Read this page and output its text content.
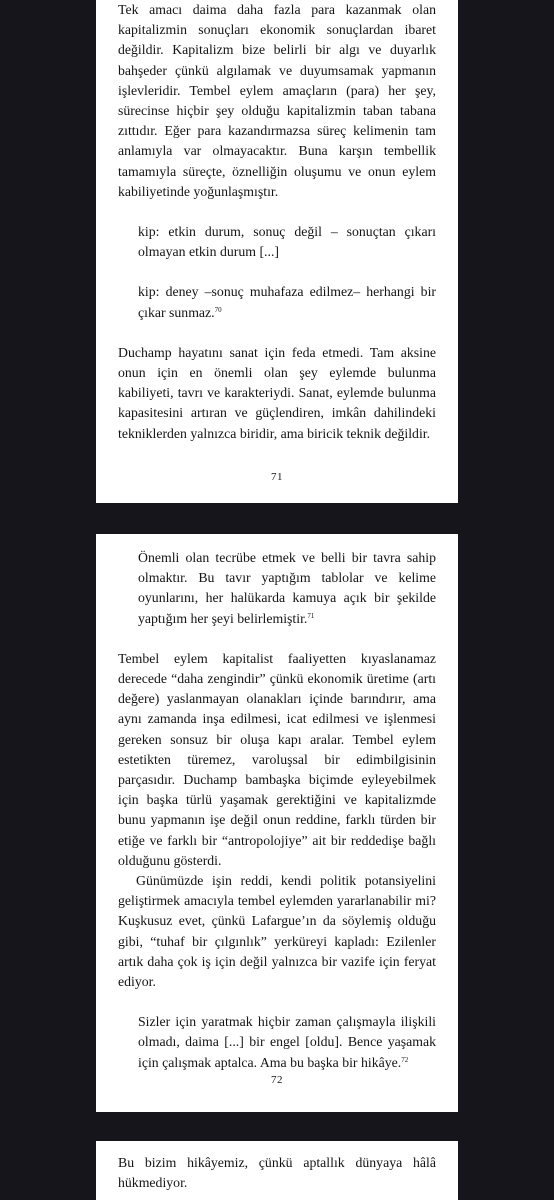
Tek amacı daima daha fazla para kazanmak olan kapitalizmin sonuçları ekonomik sonuçlardan ibaret değildir. Kapitalizm bize belirli bir algı ve duyarlık bahşeder çünkü algılamak ve duyumsamak yapmanın işlevleridir. Tembel eylem amaçların (para) her şey, sürecinse hiçbir şey olduğu kapitalizmin taban tabana zıttıdır. Eğer para kazandırmazsa süreç kelimenin tam anlamıyla var olmayacaktır. Buna karşın tembellik tamamıyla süreçte, öznelliğin oluşumu ve onun eylem kabiliyetinde yoğunlaşmıştır.

kip: etkin durum, sonuç değil – sonuçtan çıkarı olmayan etkin durum [...]

kip: deney –sonuç muhafaza edilmez– herhangi bir çıkar sunmaz.$^{70}$

Duchamp hayatını sanat için feda etmedi. Tam aksine onun için en önemli olan şey eylemde bulunma kabiliyeti, tavrı ve karakteriydi. Sanat, eylemde bulunma kapasitesini artıran ve güçlendiren, imkân dahilindeki tekniklerden yalnızca biridir, ama biricik teknik değildir.

71

Önemli olan tecrübe etmek ve belli bir tavra sahip olmaktır. Bu tavır yaptığım tablolar ve kelime oyunlarını, her halükarda kamuya açık bir şekilde yaptığım her şeyi belirlemiştir.$^{71}$

Tembel eylem kapitalist faaliyetten kıyaslanamaz derecede “daha zengindir” çünkü ekonomik üretime (artı değere) yaslanmayan olanakları içinde barındırır, ama aynı zamanda inşa edilmesi, icat edilmesi ve işlenmesi gereken sonsuz bir oluşa kapı aralar. Tembel eylem estetikten türemez, varoluşsal bir edimbilgisinin parçasıdır. Duchamp bambaşka biçimde eyleyebilmek için başka türlü yaşamak gerektiğini ve kapitalizmde bunu yapmanın işe değil onun reddine, farklı türden bir etiğe ve farklı bir “antropolojiye” ait bir reddedişe bağlı olduğunu gösterdi.

Günümüzde işin reddi, kendi politik potansiyelini geliştirmek amacıyla tembel eylemden yararlanabilir mi? Kuşkusuz evet, çünkü Lafargue’ın da söylemiş olduğu gibi, “tuhaf bir çılgınlık” yerküreyi kapladı: Ezilenler artık daha çok iş için değil yalnızca bir vazife için feryat ediyor.

Sizler için yaratmak hiçbir zaman çalışmayla ilişkili olmadı, daima [...] bir engel [oldu]. Bence yaşamak için çalışmak aptalca. Ama bu başka bir hikâye.$^{72}$

72

Bu bizim hikâyemiz, çünkü aptallık dünyaya hâlâ hükmediyor.
